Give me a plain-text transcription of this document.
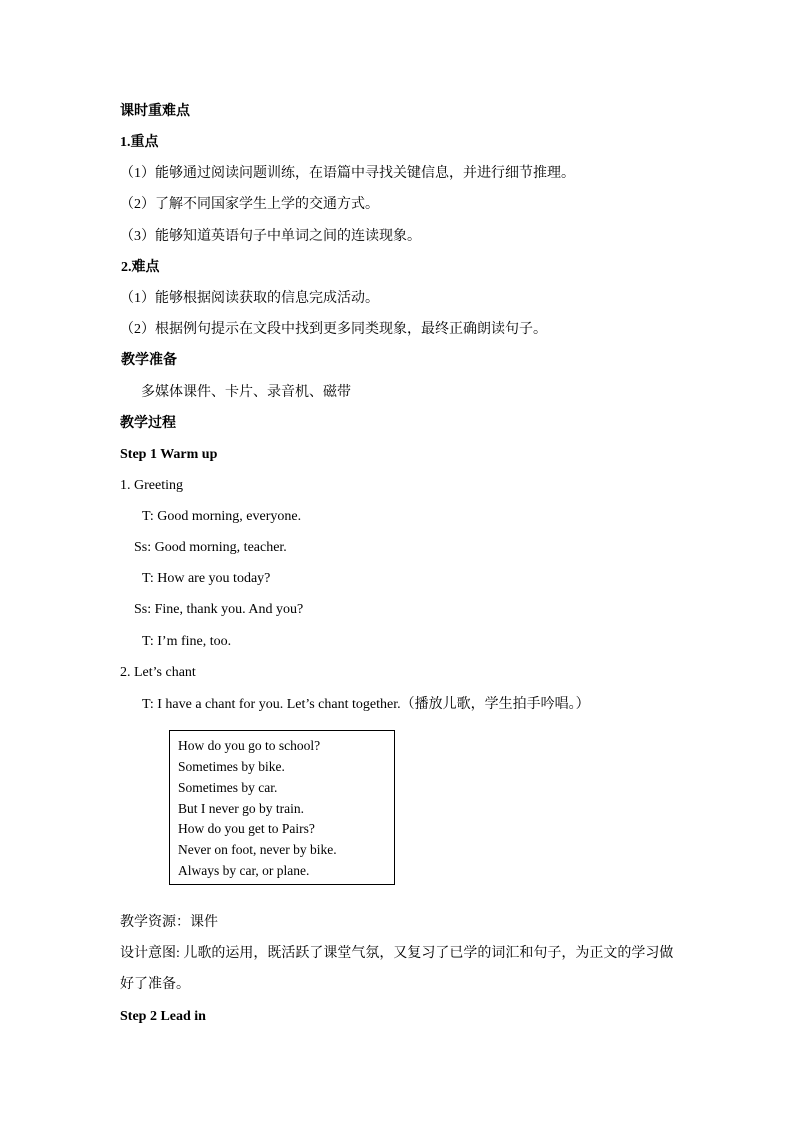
课时重难点
1.重点
（1）能够通过阅读问题训练，在语篇中寻找关键信息，并进行细节推理。
（2）了解不同国家学生上学的交通方式。
（3）能够知道英语句子中单词之间的连读现象。
2.难点
（1）能够根据阅读获取的信息完成活动。
（2）根据例句提示在文段中找到更多同类现象，最终正确朗读句子。
教学准备
多媒体课件、卡片、录音机、磁带
教学过程
Step 1 Warm up
1. Greeting
T: Good morning, everyone.
Ss: Good morning, teacher.
T: How are you today?
Ss: Fine, thank you. And you?
T: I’m fine, too.
2. Let’s chant
T: I have a chant for you. Let’s chant together.（播放儿歌，学生拍手吟唱。）
How do you go to school?
Sometimes by bike.
Sometimes by car.
But I never go by train.
How do you get to Pairs?
Never on foot, never by bike.
Always by car, or plane.
教学资源：课件
设计意图: 儿歌的运用，既活跃了课堂气氛，又复习了已学的词汇和句子，为正文的学习做
好了准备。
Step 2 Lead in
